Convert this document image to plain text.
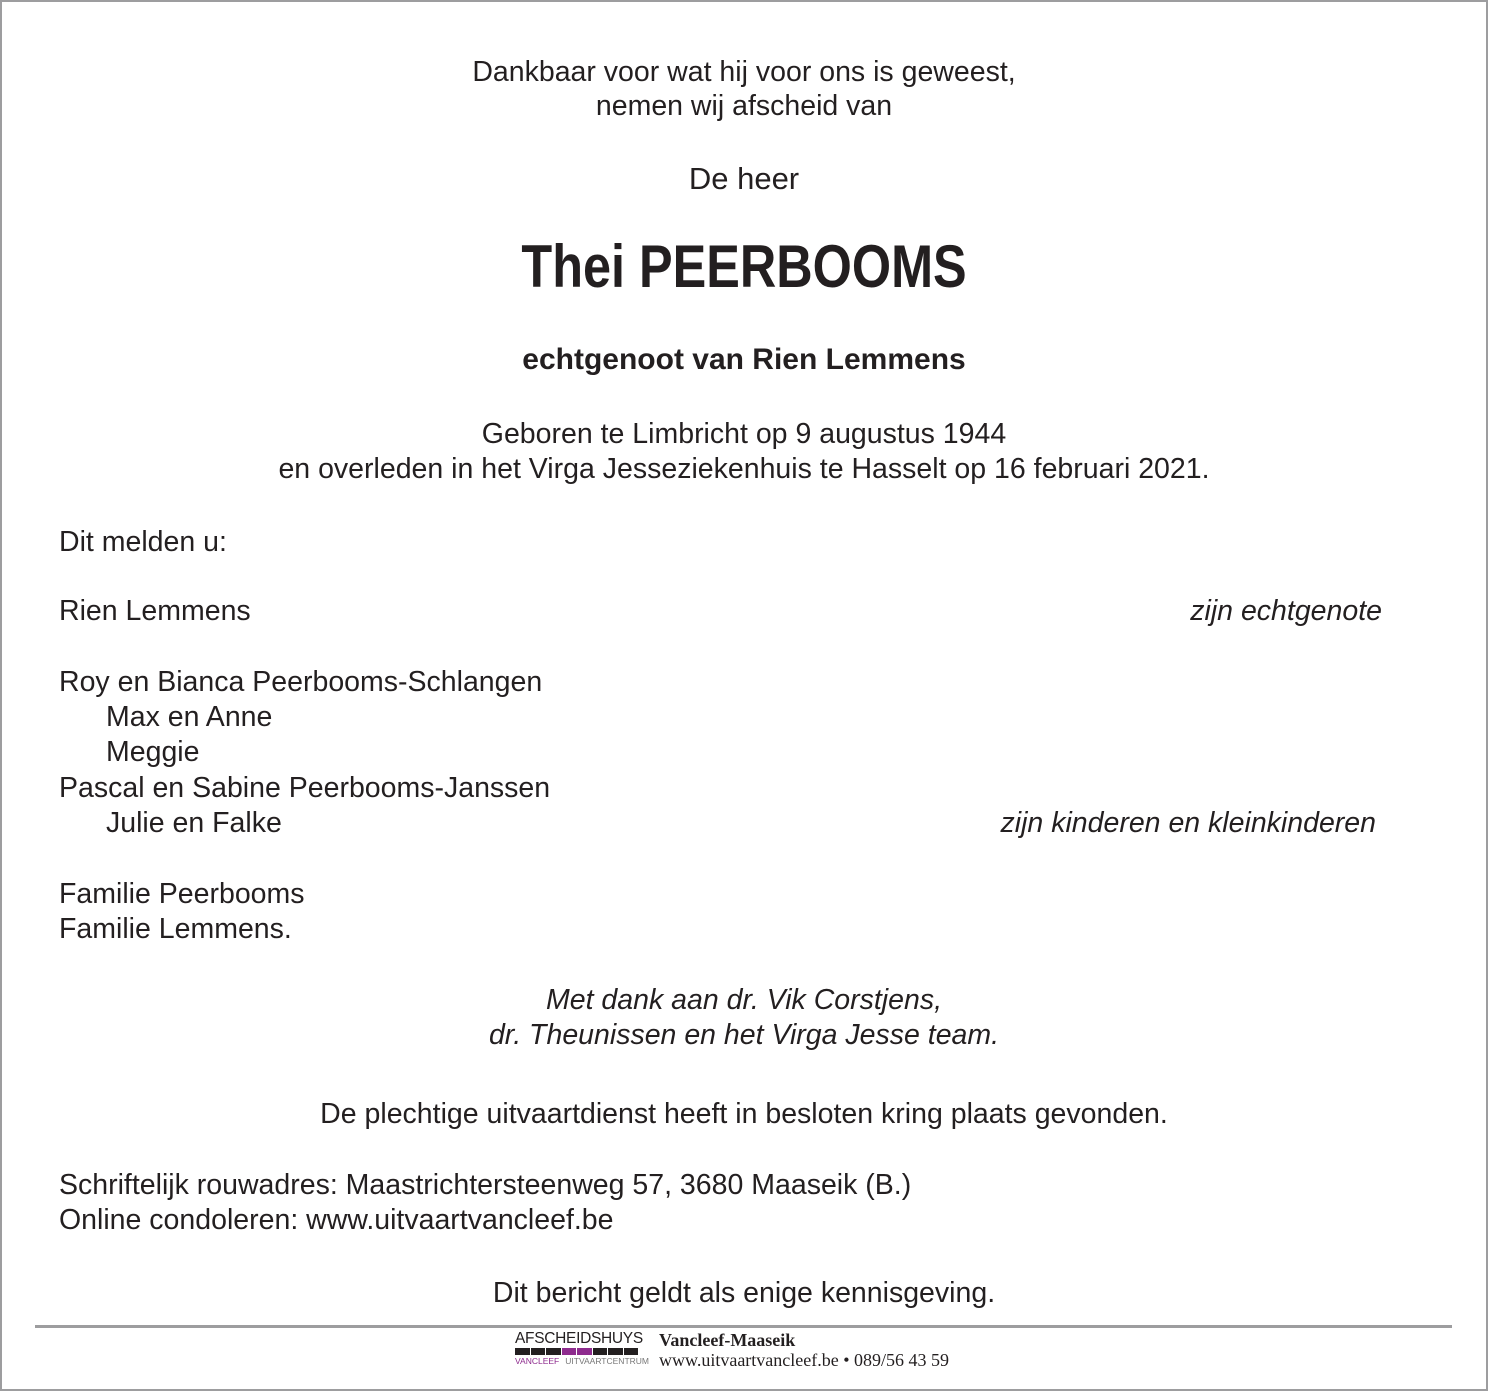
Dankbaar voor wat hij voor ons is geweest,
nemen wij afscheid van
De heer
Thei PEERBOOMS
echtgenoot van Rien Lemmens
Geboren te Limbricht op 9 augustus 1944
en overleden in het Virga Jesseziekenhuis te Hasselt op 16 februari 2021.
Dit melden u:
Rien Lemmens	zijn echtgenote
Roy en Bianca Peerbooms-Schlangen
Max en Anne
Meggie
Pascal en Sabine Peerbooms-Janssen
Julie en Falke	zijn kinderen en kleinkinderen
Familie Peerbooms
Familie Lemmens.
Met dank aan dr. Vik Corstjens,
dr. Theunissen en het Virga Jesse team.
De plechtige uitvaartdienst heeft in besloten kring plaats gevonden.
Schriftelijk rouwadres: Maastrichtersteenweg 57, 3680 Maaseik (B.)
Online condoleren: www.uitvaartvancleef.be
Dit bericht geldt als enige kennisgeving.
AFSCHEIDSHUYS
VANCLEEF UITVAARTCENTRUM
Vancleef-Maaseik
www.uitvaartvancleef.be • 089/56 43 59
